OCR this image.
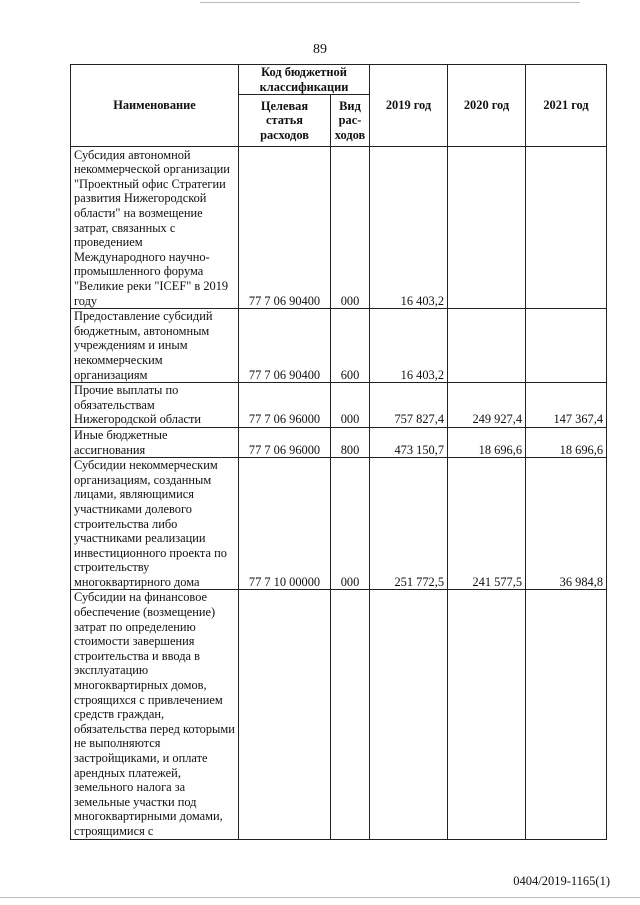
89
Наименование	Код бюджетной классификации		2019 год	2020 год	2021 год
	Целевая статья расходов	Вид рас-ходов			
Субсидия автономной некоммерческой организации "Проектный офис Стратегии развития Нижегородской области" на возмещение затрат, связанных с проведением Международного научно-промышленного форума "Великие реки "ICEF" в 2019 году	77 7 06 90400	000	16 403,2		
Предоставление субсидий бюджетным, автономным учреждениям и иным некоммерческим организациям	77 7 06 90400	600	16 403,2		
Прочие выплаты по обязательствам Нижегородской области	77 7 06 96000	000	757 827,4	249 927,4	147 367,4
Иные бюджетные ассигнования	77 7 06 96000	800	473 150,7	18 696,6	18 696,6
Субсидии некоммерческим организациям, созданным лицами, являющимися участниками долевого строительства либо участниками реализации инвестиционного проекта по строительству многоквартирного дома	77 7 10 00000	000	251 772,5	241 577,5	36 984,8
Субсидии на финансовое обеспечение (возмещение) затрат по определению стоимости завершения строительства и ввода в эксплуатацию многоквартирных домов, строящихся с привлечением средств граждан, обязательства перед которыми не выполняются застройщиками, и оплате арендных платежей, земельного налога за земельные участки под многоквартирными домами, строящимися с					
0404/2019-1165(1)
